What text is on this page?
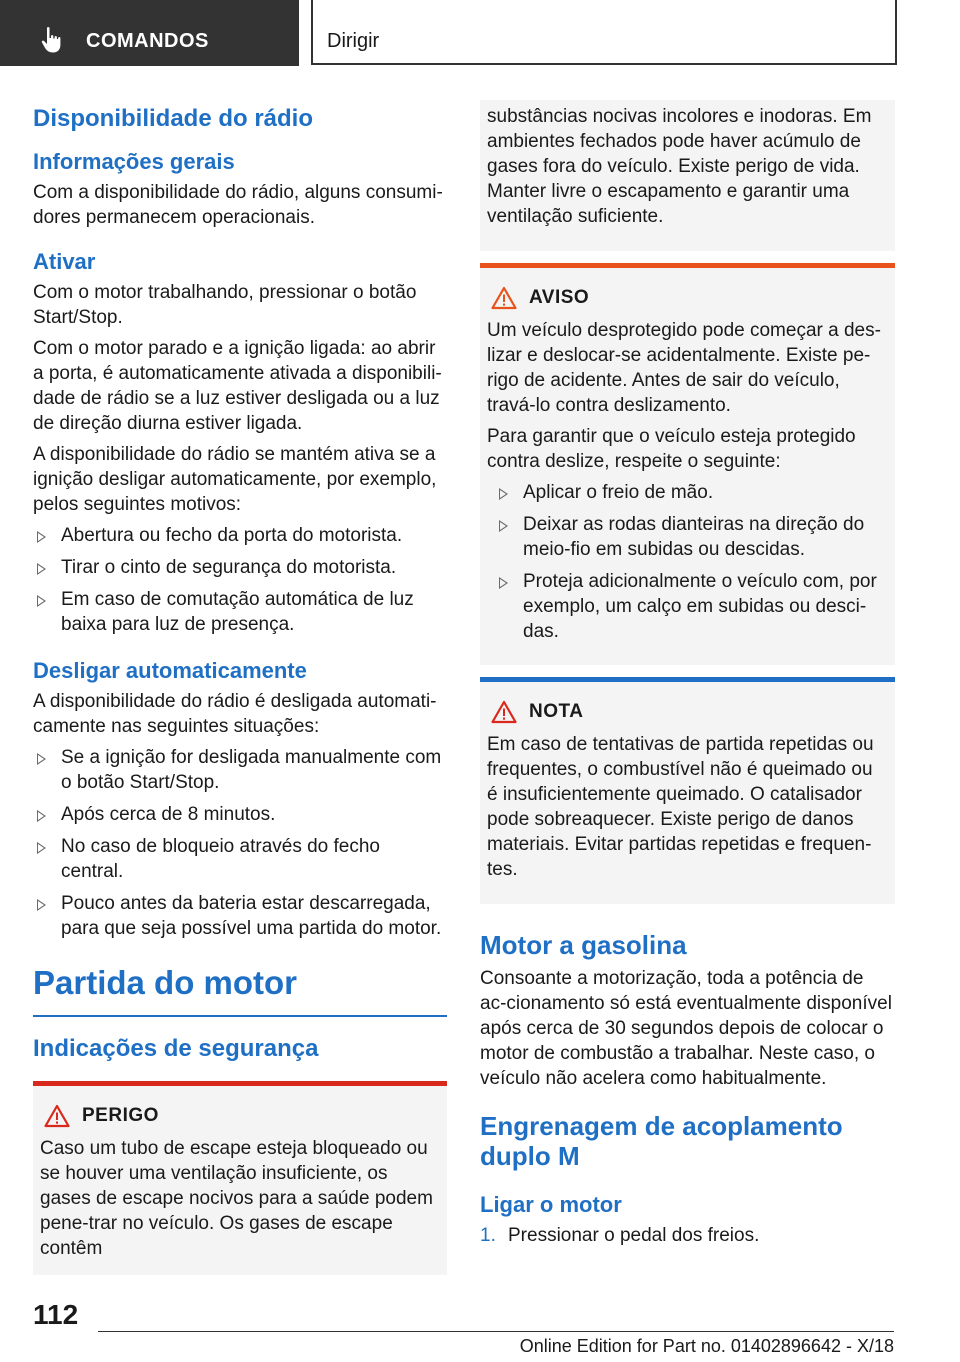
COMANDOS	Dirigir
Disponibilidade do rádio
Informações gerais

Com a disponibilidade do rádio, alguns consumi-dores permanecem operacionais.

Ativar

Com o motor trabalhando, pressionar o botão Start/Stop.

Com o motor parado e a ignição ligada: ao abrir a porta, é automaticamente ativada a disponibili-dade de rádio se a luz estiver desligada ou a luz de direção diurna estiver ligada.

A disponibilidade do rádio se mantém ativa se a ignição desligar automaticamente, por exemplo, pelos seguintes motivos:

Abertura ou fecho da porta do motorista.
Tirar o cinto de segurança do motorista.
Em caso de comutação automática de luz baixa para luz de presença.
Desligar automaticamente

A disponibilidade do rádio é desligada automati-camente nas seguintes situações:

Se a ignição for desligada manualmente com o botão Start/Stop.
Após cerca de 8 minutos.
No caso de bloqueio através do fecho central.
Pouco antes da bateria estar descarregada, para que seja possível uma partida do motor.
Partida do motor
Indicações de segurança
PERIGO

Caso um tubo de escape esteja bloqueado ou se houver uma ventilação insuficiente, os gases de escape nocivos para a saúde podem pene-trar no veículo. Os gases de escape contêm

substâncias nocivas incolores e inodoras. Em ambientes fechados pode haver acúmulo de gases fora do veículo. Existe perigo de vida. Manter livre o escapamento e garantir uma ventilação suficiente.

AVISO

Um veículo desprotegido pode começar a des-lizar e deslocar-se acidentalmente. Existe pe-rigo de acidente. Antes de sair do veículo, travá-lo contra deslizamento.

Para garantir que o veículo esteja protegido contra deslize, respeite o seguinte:

Aplicar o freio de mão.
Deixar as rodas dianteiras na direção do meio-fio em subidas ou descidas.
Proteja adicionalmente o veículo com, por exemplo, um calço em subidas ou desci-das.
NOTA

Em caso de tentativas de partida repetidas ou frequentes, o combustível não é queimado ou é insuficientemente queimado. O catalisador pode sobreaquecer. Existe perigo de danos materiais. Evitar partidas repetidas e frequen-tes.

Motor a gasolina

Consoante a motorização, toda a potência de ac-cionamento só está eventualmente disponível após cerca de 30 segundos depois de colocar o motor de combustão a trabalhar. Neste caso, o veículo não acelera como habitualmente.

Engrenagem de acoplamento duplo M
Ligar o motor
1. Pressionar o pedal dos freios.
112
Online Edition for Part no. 01402896642 - X/18
